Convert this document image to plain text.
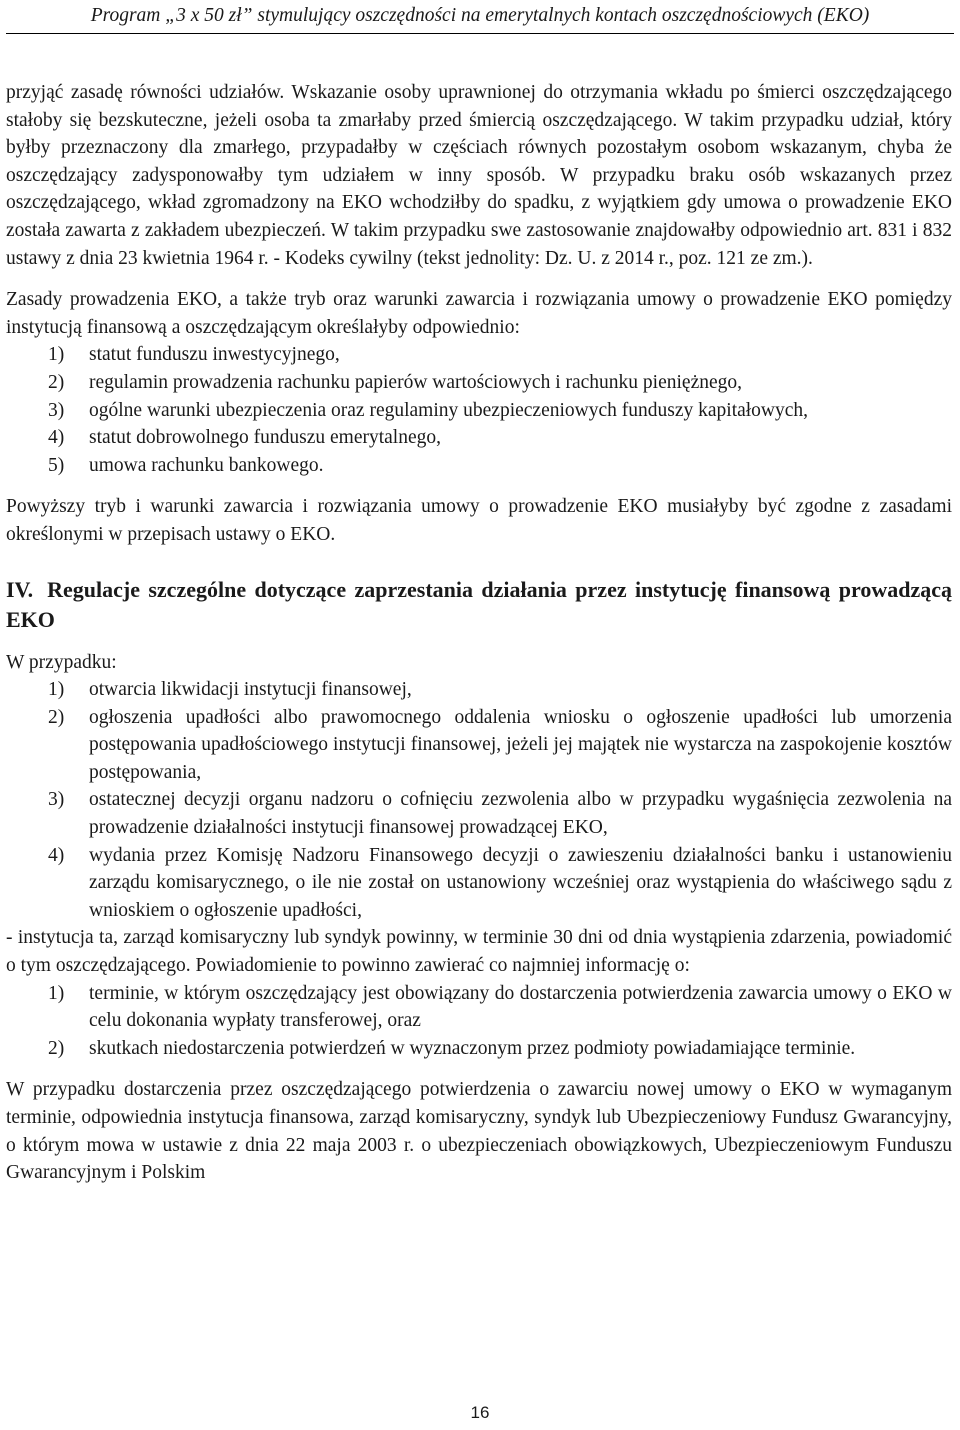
Program „3 x 50 zł” stymulujący oszczędności na emerytalnych kontach oszczędnościowych (EKO)

przyjąć zasadę równości udziałów. Wskazanie osoby uprawnionej do otrzymania wkładu po śmierci oszczędzającego stałoby się bezskuteczne, jeżeli osoba ta zmarłaby przed śmiercią oszczędzającego. W takim przypadku udział, który byłby przeznaczony dla zmarłego, przypadałby w częściach równych pozostałym osobom wskazanym, chyba że oszczędzający zadysponowałby tym udziałem w inny sposób. W przypadku braku osób wskazanych przez oszczędzającego, wkład zgromadzony na EKO wchodziłby do spadku, z wyjątkiem gdy umowa o prowadzenie EKO została zawarta z zakładem ubezpieczeń. W takim przypadku swe zastosowanie znajdowałby odpowiednio art. 831 i 832 ustawy z dnia 23 kwietnia 1964 r. - Kodeks cywilny (tekst jednolity: Dz. U. z 2014 r., poz. 121 ze zm.).

Zasady prowadzenia EKO, a także tryb oraz warunki zawarcia i rozwiązania umowy o prowadzenie EKO pomiędzy instytucją finansową a oszczędzającym określałyby odpowiednio:

1)	statut funduszu inwestycyjnego,
2)	regulamin prowadzenia rachunku papierów wartościowych i rachunku pieniężnego,
3)	ogólne warunki ubezpieczenia oraz regulaminy ubezpieczeniowych funduszy kapitałowych,
4)	statut dobrowolnego funduszu emerytalnego,
5)	umowa rachunku bankowego.

Powyższy tryb i warunki zawarcia i rozwiązania umowy o prowadzenie EKO musiałyby być zgodne z zasadami określonymi w przepisach ustawy o EKO.

IV. Regulacje szczególne dotyczące zaprzestania działania przez instytucję finansową prowadzącą EKO

W przypadku:

1)	otwarcia likwidacji instytucji finansowej,
2)	ogłoszenia upadłości albo prawomocnego oddalenia wniosku o ogłoszenie upadłości lub umorzenia postępowania upadłościowego instytucji finansowej, jeżeli jej majątek nie wystarcza na zaspokojenie kosztów postępowania,
3)	ostatecznej decyzji organu nadzoru o cofnięciu zezwolenia albo w przypadku wygaśnięcia zezwolenia na prowadzenie działalności instytucji finansowej prowadzącej EKO,
4)	wydania przez Komisję Nadzoru Finansowego decyzji o zawieszeniu działalności banku i ustanowieniu zarządu komisarycznego, o ile nie został on ustanowiony wcześniej oraz wystąpienia do właściwego sądu z wnioskiem o ogłoszenie upadłości,

- instytucja ta, zarząd komisaryczny lub syndyk powinny, w terminie 30 dni od dnia wystąpienia zdarzenia, powiadomić o tym oszczędzającego. Powiadomienie to powinno zawierać co najmniej informację o:

1)	terminie, w którym oszczędzający jest obowiązany do dostarczenia potwierdzenia zawarcia umowy o EKO w celu dokonania wypłaty transferowej, oraz
2)	skutkach niedostarczenia potwierdzeń w wyznaczonym przez podmioty powiadamiające terminie.

W przypadku dostarczenia przez oszczędzającego potwierdzenia o zawarciu nowej umowy o EKO w wymaganym terminie, odpowiednia instytucja finansowa, zarząd komisaryczny, syndyk lub Ubezpieczeniowy Fundusz Gwarancyjny, o którym mowa w ustawie z dnia 22 maja 2003 r. o ubezpieczeniach obowiązkowych, Ubezpieczeniowym Funduszu Gwarancyjnym i Polskim

16
